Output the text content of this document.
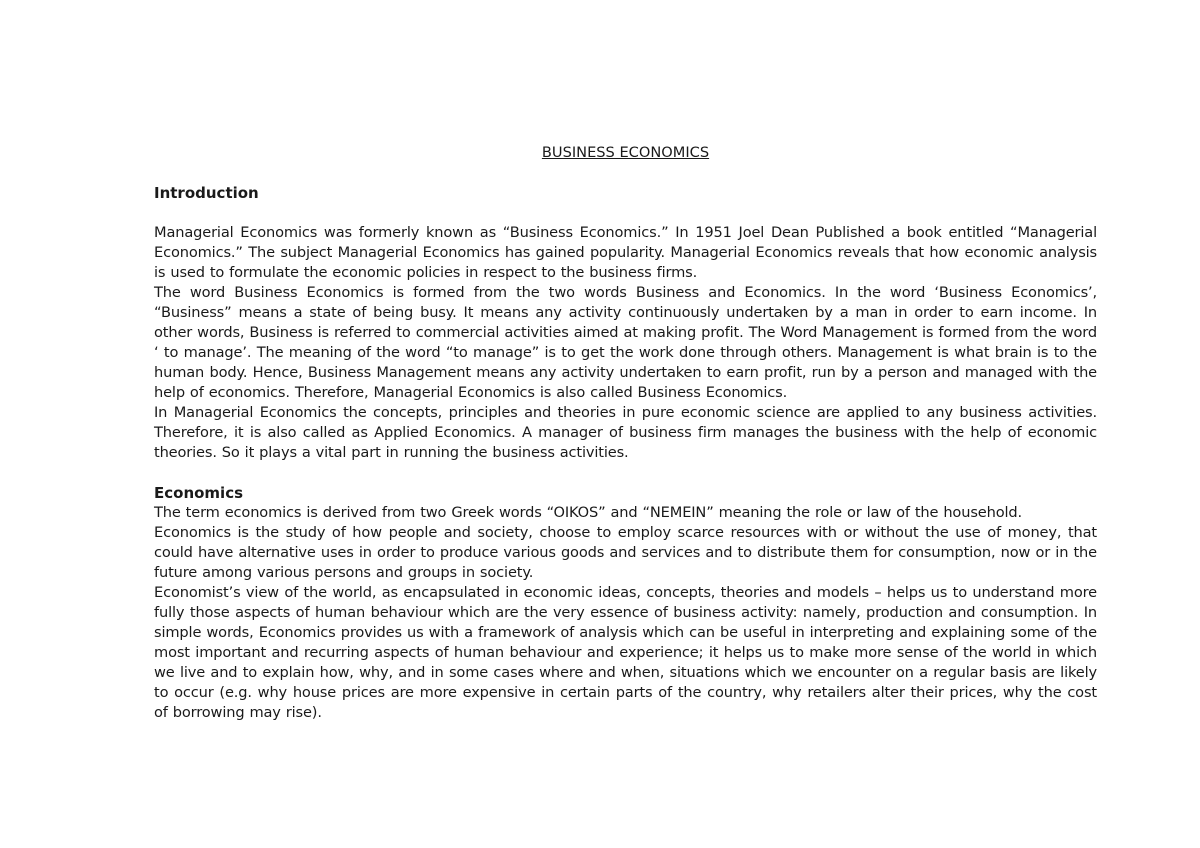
BUSINESS ECONOMICS
Introduction

Managerial Economics was formerly known as “Business Economics.” In 1951 Joel Dean Published a book entitled “Managerial Economics.” The subject Managerial Economics has gained popularity. Managerial Economics reveals that how economic analysis is used to formulate the economic policies in respect to the business firms.

The word Business Economics is formed from the two words Business and Economics. In the word ‘Business Economics’, “Business” means a state of being busy. It means any activity continuously undertaken by a man in order to earn income. In other words, Business is referred to commercial activities aimed at making profit. The Word Management is formed from the word ‘ to manage’. The meaning of the word “to manage” is to get the work done through others. Management is what brain is to the human body. Hence, Business Management means any activity undertaken to earn profit, run by a person and managed with the help of economics. Therefore, Managerial Economics is also called Business Economics.

In Managerial Economics the concepts, principles and theories in pure economic science are applied to any business activities. Therefore, it is also called as Applied Economics. A manager of business firm manages the business with the help of economic theories. So it plays a vital part in running the business activities.

Economics

The term economics is derived from two Greek words “OIKOS” and “NEMEIN” meaning the role or law of the household.

Economics is the study of how people and society, choose to employ scarce resources with or without the use of money, that could have alternative uses in order to produce various goods and services and to distribute them for consumption, now or in the future among various persons and groups in society.

Economist’s view of the world, as encapsulated in economic ideas, concepts, theories and models – helps us to understand more fully those aspects of human behaviour which are the very essence of business activity: namely, production and consumption. In simple words, Economics provides us with a framework of analysis which can be useful in interpreting and explaining some of the most important and recurring aspects of human behaviour and experience; it helps us to make more sense of the world in which we live and to explain how, why, and in some cases where and when, situations which we encounter on a regular basis are likely to occur (e.g. why house prices are more expensive in certain parts of the country, why retailers alter their prices, why the cost of borrowing may rise).
